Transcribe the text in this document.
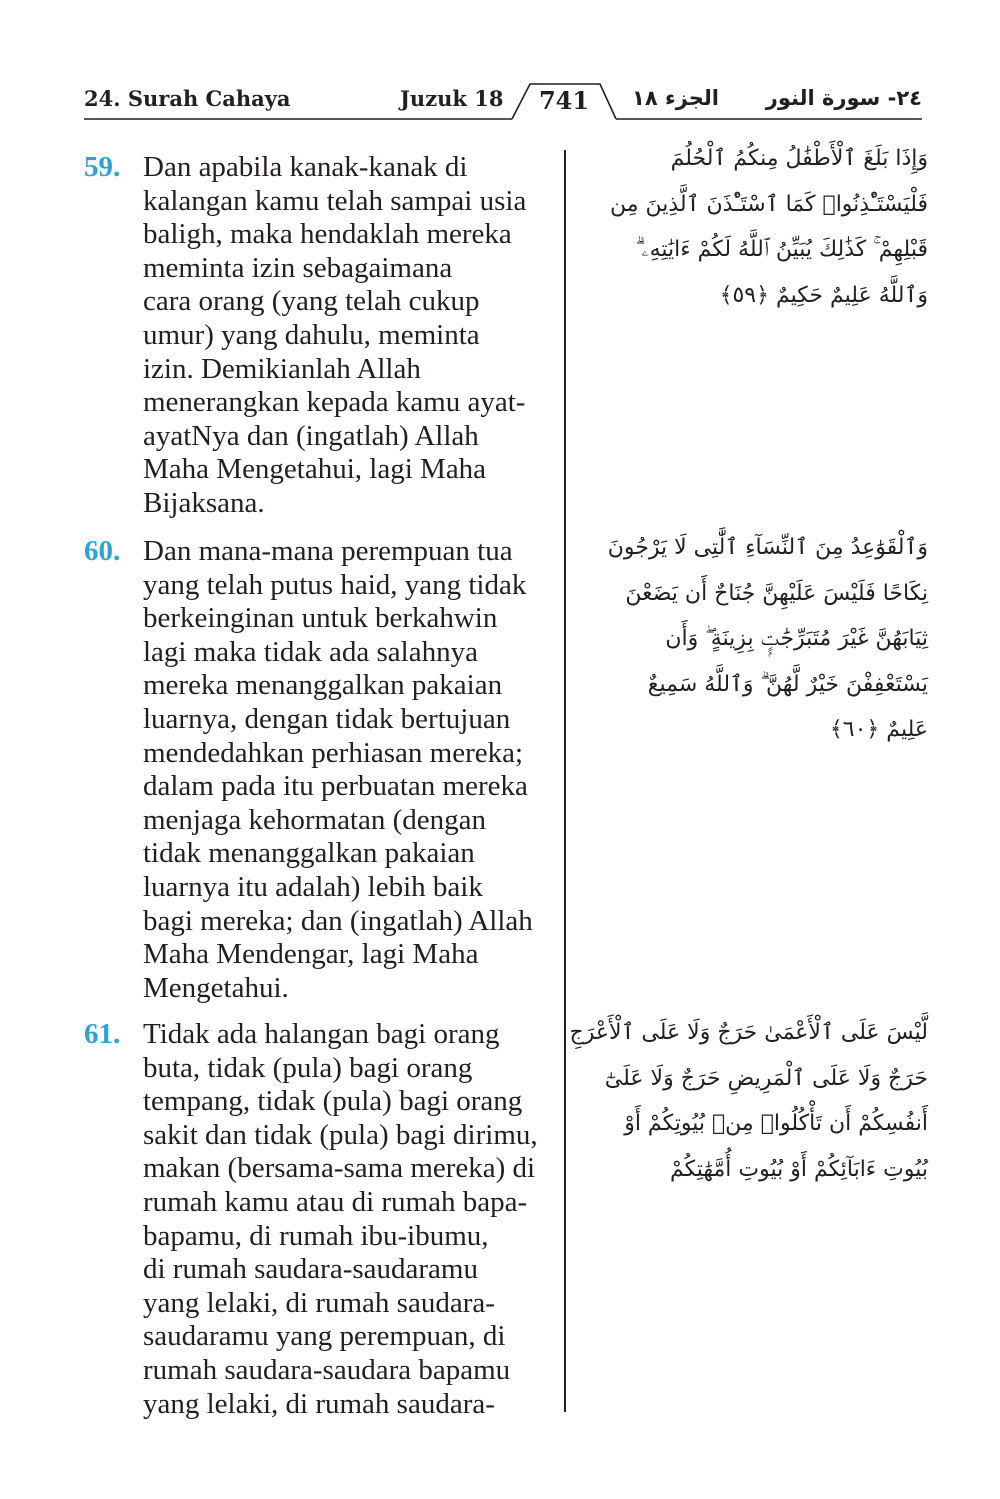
24. Surah Cahaya	Juzuk 18	741	الجزء ١٨ ٢٤- سورة النور
59. Dan apabila kanak-kanak di
kalangan kamu telah sampai usia
baligh, maka hendaklah mereka
meminta izin sebagaimana
cara orang (yang telah cukup
umur) yang dahulu, meminta
izin. Demikianlah Allah
menerangkan kepada kamu ayat-
ayatNya dan (ingatlah) Allah
Maha Mengetahui, lagi Maha
Bijaksana.
وَإِذَا بَلَغَ ٱلْأَطْفَٰلُ مِنكُمُ ٱلْحُلُمَ
فَلْيَسْتَـْٔذِنُوا۟ كَمَا ٱسْتَـْٔذَنَ ٱلَّذِينَ مِن
قَبْلِهِمْ ۚ كَذَٰلِكَ يُبَيِّنُ ٱللَّهُ لَكُمْ ءَايَٰتِهِۦ ۗ
وَٱللَّهُ عَلِيمٌ حَكِيمٌ ﴿٥٩﴾
60. Dan mana-mana perempuan tua
yang telah putus haid, yang tidak
berkeinginan untuk berkahwin
lagi maka tidak ada salahnya
mereka menanggalkan pakaian
luarnya, dengan tidak bertujuan
mendedahkan perhiasan mereka;
dalam pada itu perbuatan mereka
menjaga kehormatan (dengan
tidak menanggalkan pakaian
luarnya itu adalah) lebih baik
bagi mereka; dan (ingatlah) Allah
Maha Mendengar, lagi Maha
Mengetahui.
وَٱلْقَوَٰعِدُ مِنَ ٱلنِّسَآءِ ٱلَّٰتِى لَا يَرْجُونَ
نِكَاحًا فَلَيْسَ عَلَيْهِنَّ جُنَاحٌ أَن يَضَعْنَ
ثِيَابَهُنَّ غَيْرَ مُتَبَرِّجَٰتٍۭ بِزِينَةٍ ۖ وَأَن
يَسْتَعْفِفْنَ خَيْرٌ لَّهُنَّ ۗ وَٱللَّهُ سَمِيعٌ
عَلِيمٌ ﴿٦٠﴾
61. Tidak ada halangan bagi orang
buta, tidak (pula) bagi orang
tempang, tidak (pula) bagi orang
sakit dan tidak (pula) bagi dirimu,
makan (bersama-sama mereka) di
rumah kamu atau di rumah bapa-
bapamu, di rumah ibu-ibumu,
di rumah saudara-saudaramu
yang lelaki, di rumah saudara-
saudaramu yang perempuan, di
rumah saudara-saudara bapamu
yang lelaki, di rumah saudara-
لَّيْسَ عَلَى ٱلْأَعْمَىٰ حَرَجٌ وَلَا عَلَى ٱلْأَعْرَجِ
حَرَجٌ وَلَا عَلَى ٱلْمَرِيضِ حَرَجٌ وَلَا عَلَىٰٓ
أَنفُسِكُمْ أَن تَأْكُلُوا۟ مِنۢ بُيُوتِكُمْ أَوْ
بُيُوتِ ءَابَآئِكُمْ أَوْ بُيُوتِ أُمَّهَٰتِكُمْ
